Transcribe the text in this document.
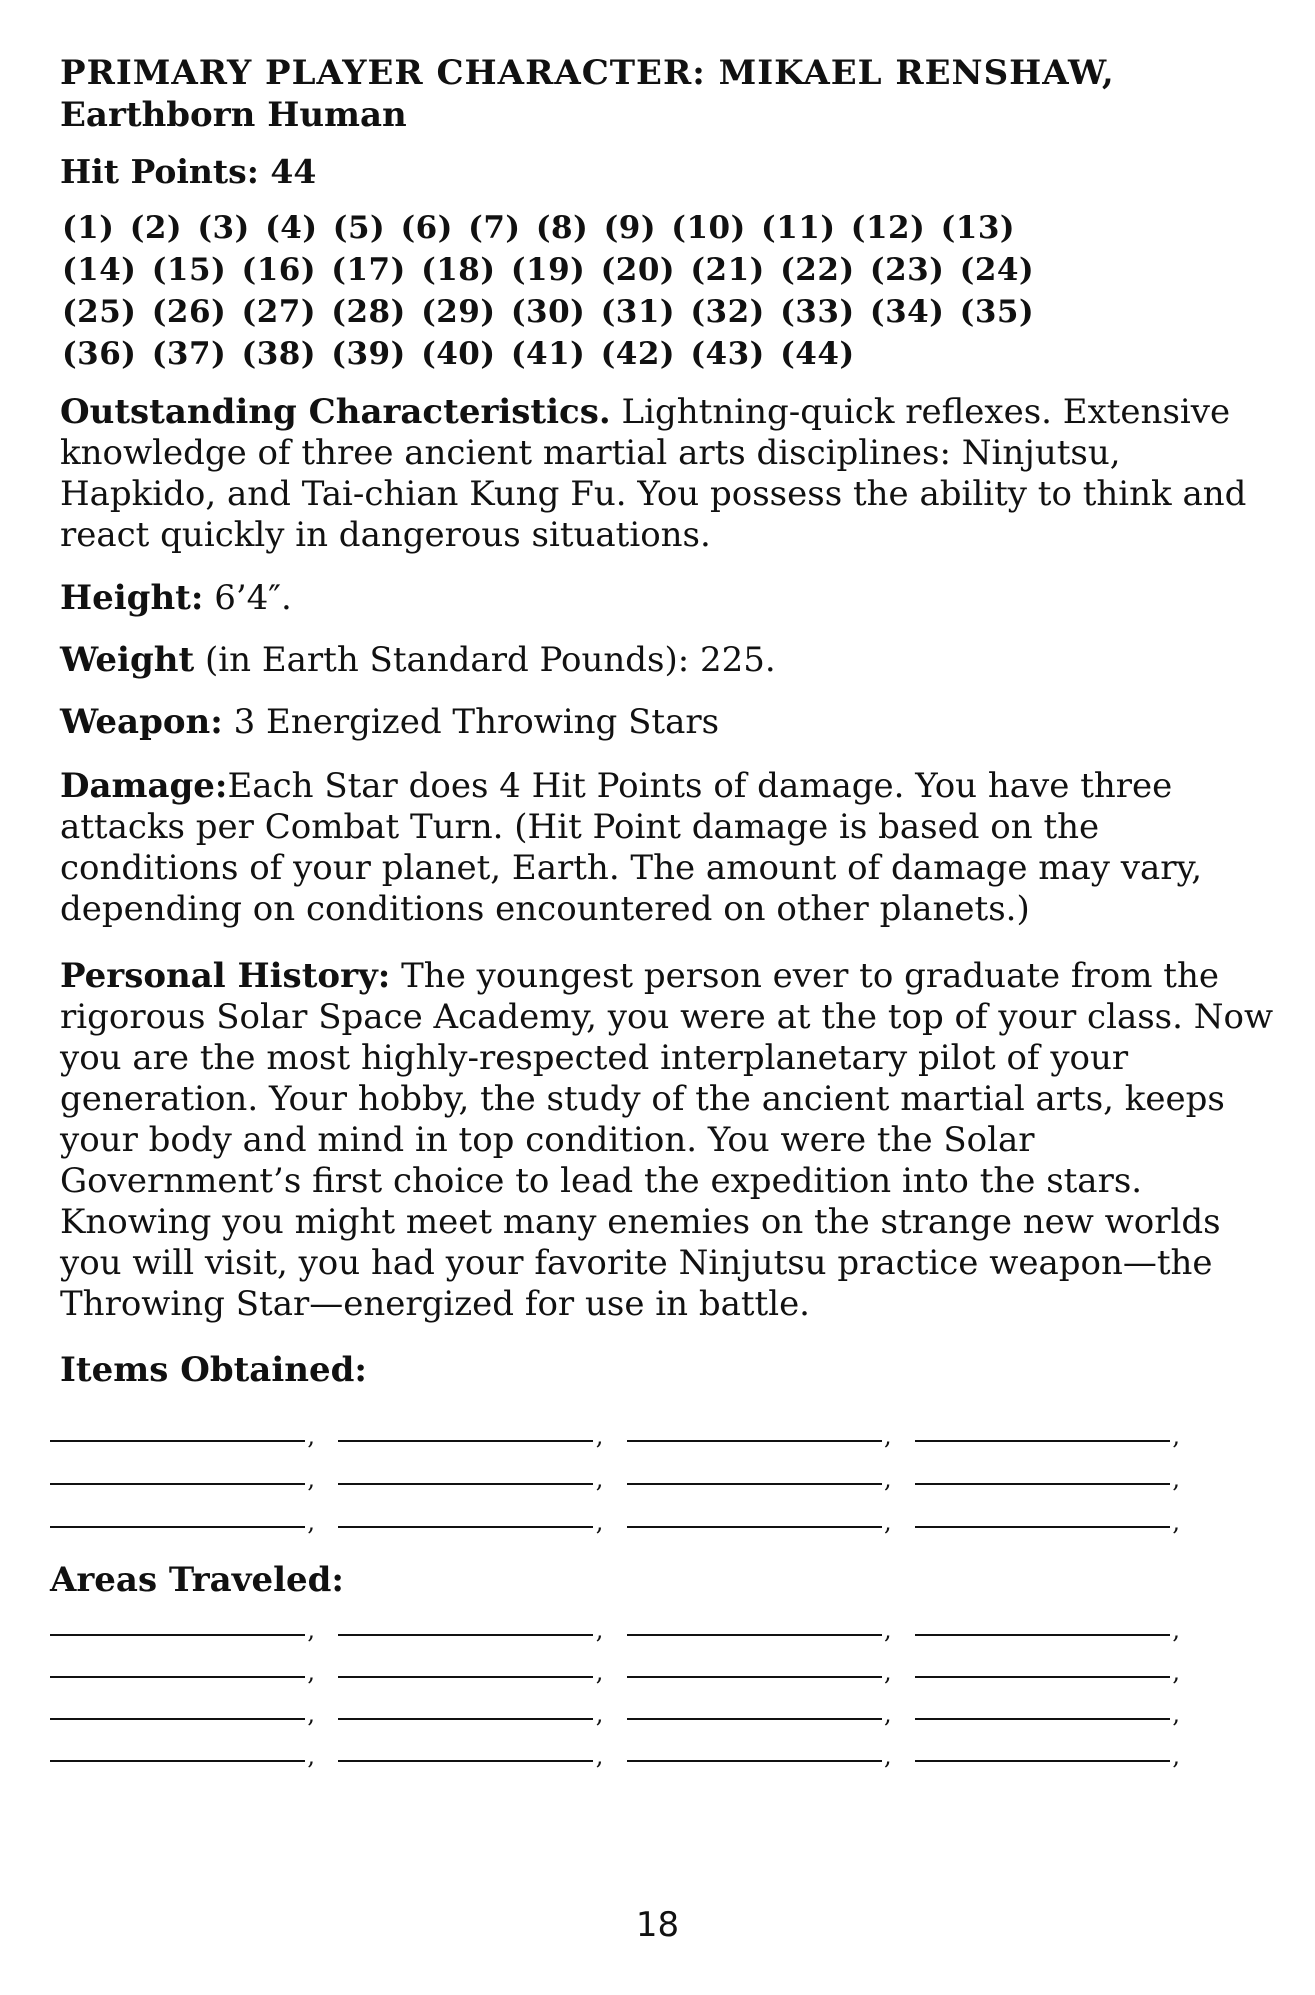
PRIMARY PLAYER CHARACTER: MIKAEL RENSHAW,
Earthborn Human
Hit Points: 44
(1) (2) (3) (4) (5) (6) (7) (8) (9) (10) (11) (12) (13)
(14) (15) (16) (17) (18) (19) (20) (21) (22) (23) (24)
(25) (26) (27) (28) (29) (30) (31) (32) (33) (34) (35)
(36) (37) (38) (39) (40) (41) (42) (43) (44)
Outstanding Characteristics. Lightning-quick reflexes. Extensive knowledge of three ancient martial arts disciplines: Ninjutsu, Hapkido, and Tai-chian Kung Fu. You possess the ability to think and react quickly in dangerous situations.
Height: 6’4″.
Weight (in Earth Standard Pounds): 225.
Weapon: 3 Energized Throwing Stars
Damage:Each Star does 4 Hit Points of damage. You have three attacks per Combat Turn. (Hit Point damage is based on the conditions of your planet, Earth. The amount of damage may vary, depending on conditions encountered on other planets.)
Personal History: The youngest person ever to graduate from the rigorous Solar Space Academy, you were at the top of your class. Now you are the most highly-respected interplanetary pilot of your generation. Your hobby, the study of the ancient martial arts, keeps your body and mind in top condition. You were the Solar Government’s first choice to lead the expedition into the stars. Knowing you might meet many enemies on the strange new worlds you will visit, you had your favorite Ninjutsu practice weapon—the Throwing Star—energized for use in battle.
Items Obtained:
,
,
,
,
,
,
,
,
,
,
,
,
Areas Traveled:
,
,
,
,
,
,
,
,
,
,
,
,
,
,
,
,
18
